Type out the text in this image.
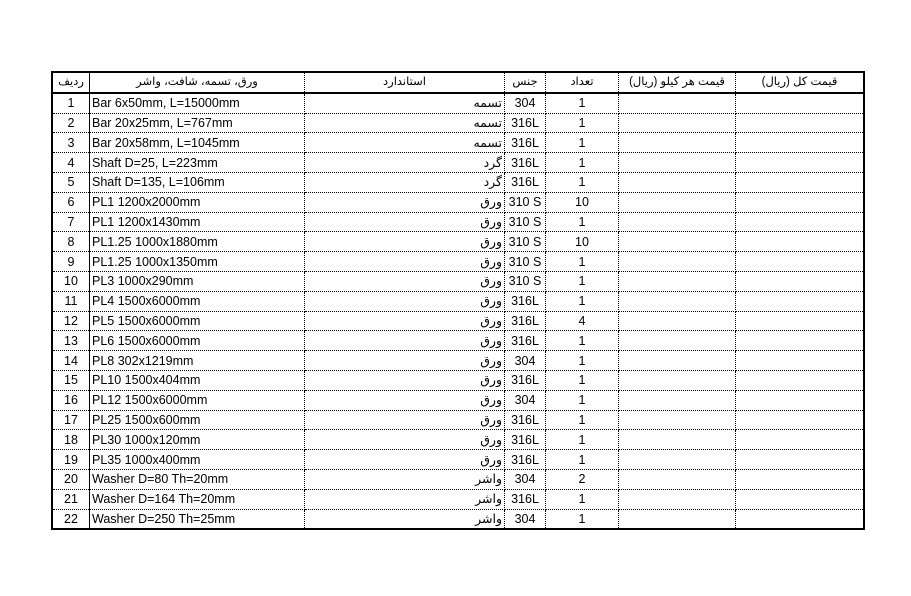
ردیف	ورق، تسمه، شافت، واشر	استاندارد	جنس	تعداد	قیمت هر کیلو (ریال)	قیمت کل (ریال)
1	Bar 6x50mm, L=15000mm	تسمه	304	1		
2	Bar 20x25mm, L=767mm	تسمه	316L	1		
3	Bar 20x58mm, L=1045mm	تسمه	316L	1		
4	Shaft D=25, L=223mm	گرد	316L	1		
5	Shaft D=135, L=106mm	گرد	316L	1		
6	PL1 1200x2000mm	ورق	310 S	10		
7	PL1 1200x1430mm	ورق	310 S	1		
8	PL1.25 1000x1880mm	ورق	310 S	10		
9	PL1.25 1000x1350mm	ورق	310 S	1		
10	PL3 1000x290mm	ورق	310 S	1		
11	PL4 1500x6000mm	ورق	316L	1		
12	PL5 1500x6000mm	ورق	316L	4		
13	PL6 1500x6000mm	ورق	316L	1		
14	PL8 302x1219mm	ورق	304	1		
15	PL10 1500x404mm	ورق	316L	1		
16	PL12 1500x6000mm	ورق	304	1		
17	PL25 1500x600mm	ورق	316L	1		
18	PL30 1000x120mm	ورق	316L	1		
19	PL35 1000x400mm	ورق	316L	1		
20	Washer D=80 Th=20mm	واشر	304	2		
21	Washer D=164 Th=20mm	واشر	316L	1		
22	Washer D=250 Th=25mm	واشر	304	1		
